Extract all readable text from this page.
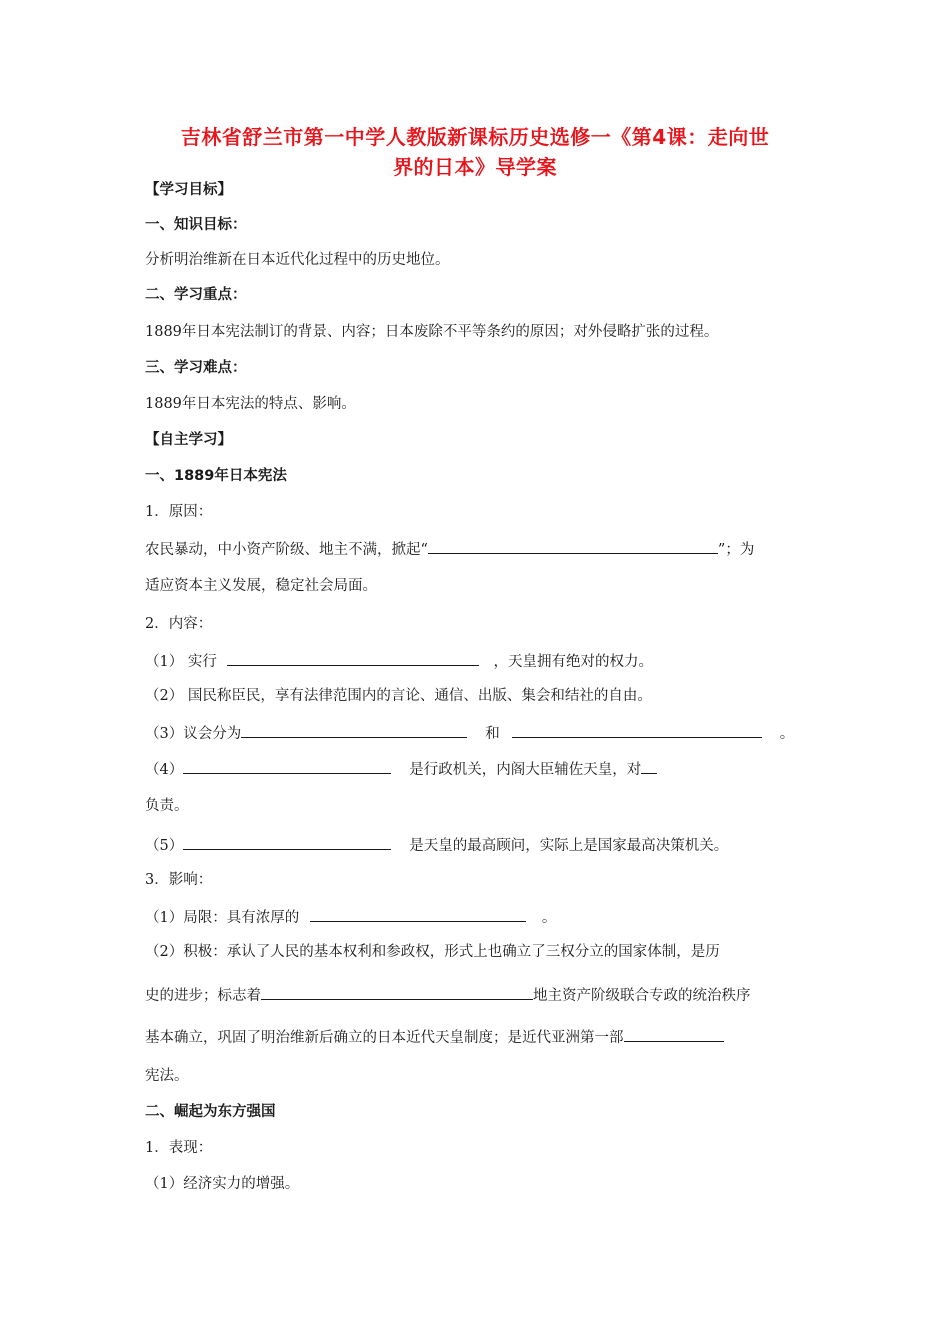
吉林省舒兰市第一中学人教版新课标历史选修一《第4课：走向世
界的日本》导学案
【学习目标】
一、知识目标：
分析明治维新在日本近代化过程中的历史地位。
二、学习重点：
1889年日本宪法制订的背景、内容；日本废除不平等条约的原因；对外侵略扩张的过程。
三、学习难点：
1889年日本宪法的特点、影响。
【自主学习】
一、1889年日本宪法
1．原因：
农民暴动，中小资产阶级、地主不满，掀起“	”；为
适应资本主义发展，稳定社会局面。
2．内容：
（1） 实行	，天皇拥有绝对的权力。
（2） 国民称臣民，享有法律范围内的言论、通信、出版、集会和结社的自由。
（3）议会分为	和	。
（4）	是行政机关，内阁大臣辅佐天皇，对
负责。
（5）	是天皇的最高顾问，实际上是国家最高决策机关。
3．影响：
（1）局限：具有浓厚的	。
（2）积极：承认了人民的基本权利和参政权，形式上也确立了三权分立的国家体制，是历
史的进步；标志着	地主资产阶级联合专政的统治秩序
基本确立，巩固了明治维新后确立的日本近代天皇制度；是近代亚洲第一部
宪法。
二、崛起为东方强国
1．表现：
（1）经济实力的增强。
